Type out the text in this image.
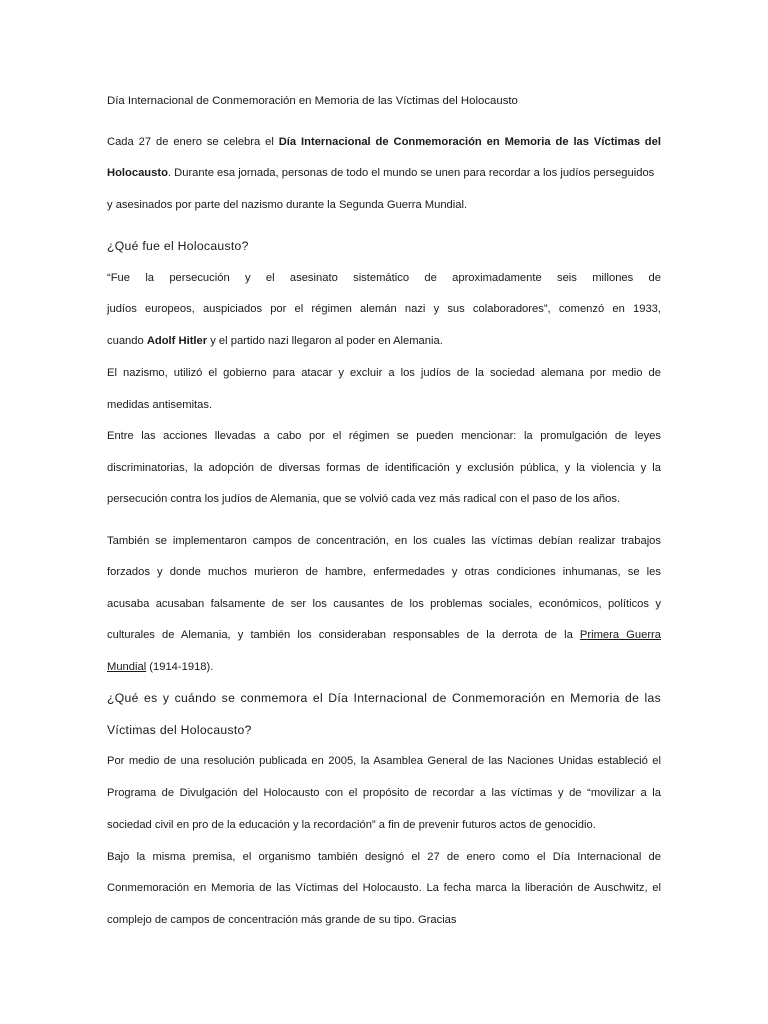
Día Internacional de Conmemoración en Memoria de las Víctimas del Holocausto

Cada 27 de enero se celebra el Día Internacional de Conmemoración en Memoria de las Víctimas del

Holocausto. Durante esa jornada, personas de todo el mundo se unen para recordar a los judíos perseguidos

y asesinados por parte del nazismo durante la Segunda Guerra Mundial.

¿Qué fue el Holocausto?

“Fue la persecución y el asesinato sistemático de aproximadamente seis millones de

judíos europeos, auspiciados por el régimen alemán nazi y sus colaboradores”, comenzó en 1933,

cuando Adolf Hitler y el partido nazi llegaron al poder en Alemania.

El nazismo, utilizó el gobierno para atacar y excluir a los judíos de la sociedad alemana por medio de

medidas antisemitas.

Entre las acciones llevadas a cabo por el régimen se pueden mencionar: la promulgación de leyes

discriminatorias, la adopción de diversas formas de identificación y exclusión pública, y la violencia y la

persecución contra los judíos de Alemania, que se volvió cada vez más radical con el paso de los años.

También se implementaron campos de concentración, en los cuales las víctimas debían realizar trabajos

forzados y donde muchos murieron de hambre, enfermedades y otras condiciones inhumanas, se les

acusaba acusaban falsamente de ser los causantes de los problemas sociales, económicos, políticos y

culturales de Alemania, y también los consideraban responsables de la derrota de la Primera Guerra

Mundial (1914-1918).

¿Qué es y cuándo se conmemora el Día Internacional de Conmemoración en Memoria de las

Víctimas del Holocausto?

Por medio de una resolución publicada en 2005, la Asamblea General de las Naciones Unidas estableció el

Programa de Divulgación del Holocausto con el propósito de recordar a las víctimas y de “movilizar a la

sociedad civil en pro de la educación y la recordación” a fin de prevenir futuros actos de genocidio.

Bajo la misma premisa, el organismo también designó el 27 de enero como el Día Internacional de

Conmemoración en Memoria de las Víctimas del Holocausto. La fecha marca la liberación de Auschwitz, el

complejo de campos de concentración más grande de su tipo. Gracias
